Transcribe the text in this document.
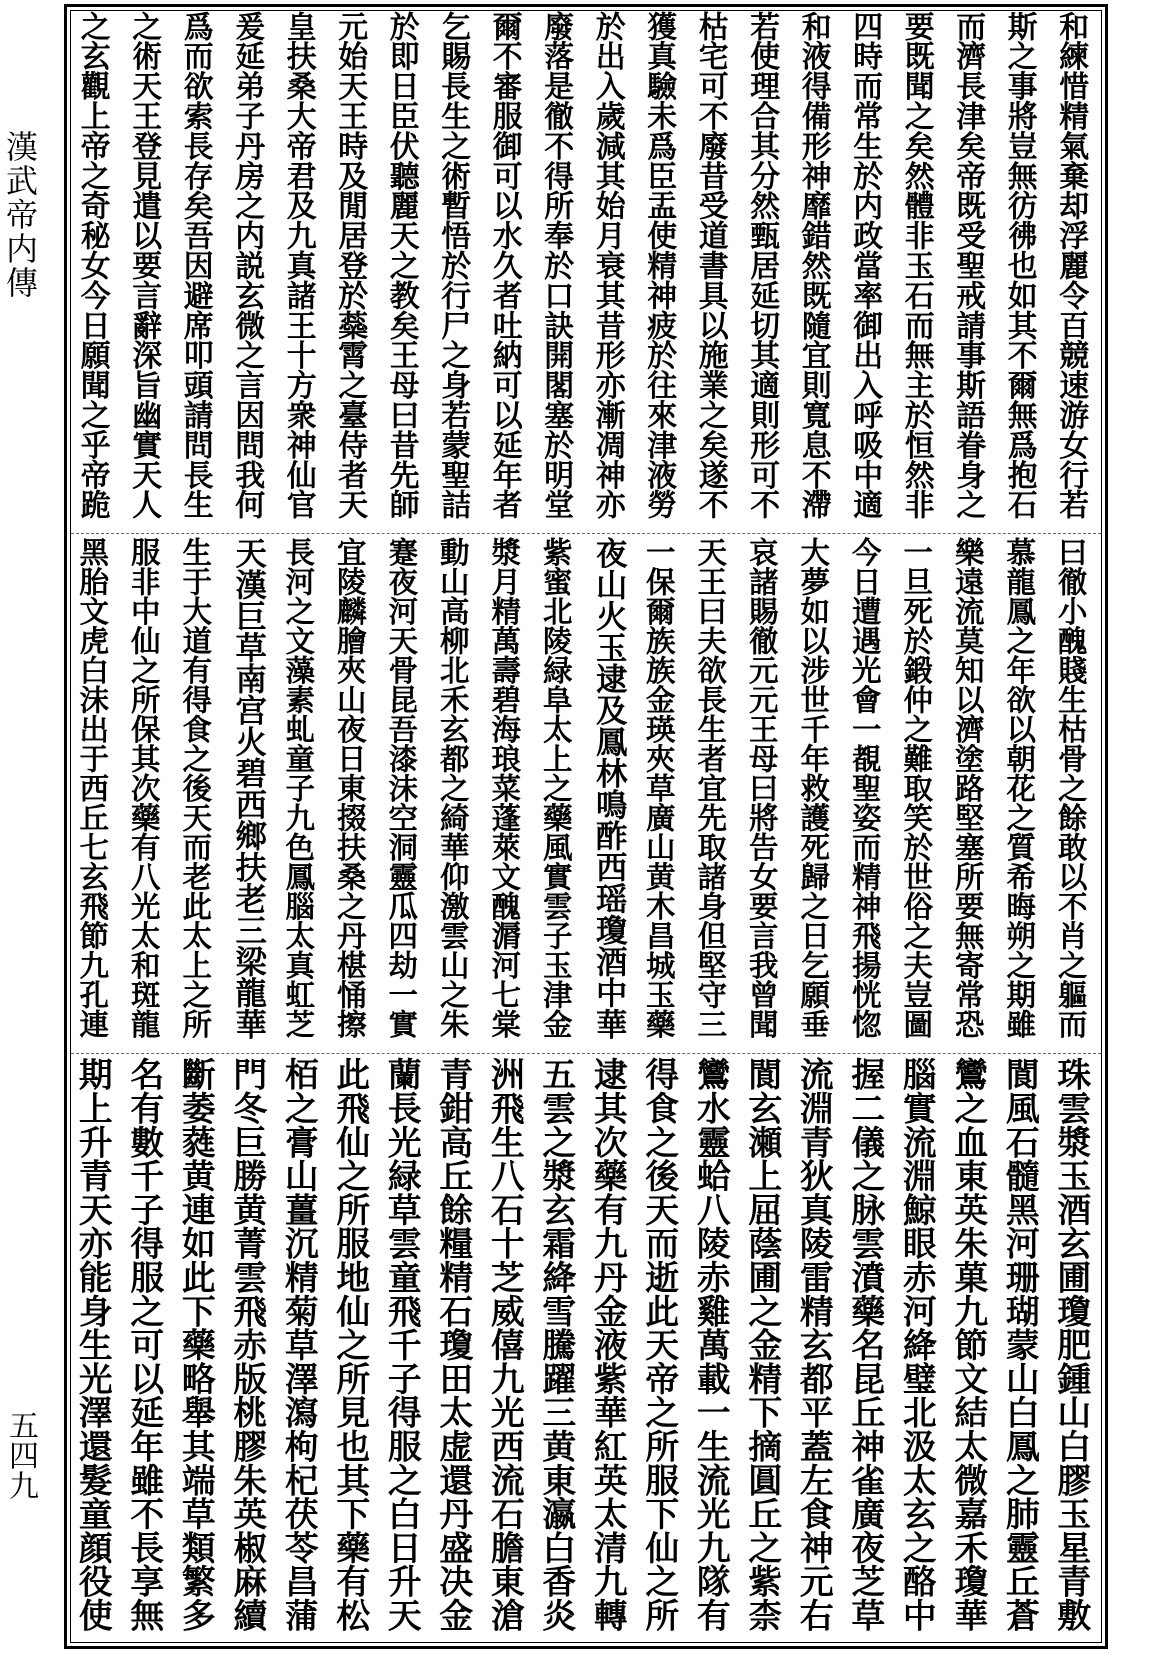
漢武帝内傳
五四九
和練惜精氣棄却浮麗令百競速游女行若
斯之事將豈無彷彿也如其不爾無爲抱石
而濟長津矣帝既受聖戒請事斯語眷身之
要既聞之矣然體非玉石而無主於恒然非
四時而常生於内政當率御出入呼吸中適
和液得備形神靡錯然既隨宜則寬息不滯
若使理合其分然甄居延切其適則形可不
枯宅可不廢昔受道書具以施業之矣遂不
獲真驗未爲臣盂使精神疲於往來津液勞
於出入歲減其始月衰其昔形亦漸凋神亦
廢落是徹不得所奉於口訣開閣塞於明堂
爾不審服御可以水久者吐納可以延年者
乞賜長生之術暫悟於行尸之身若蒙聖詰
於即日臣伏聽麗天之教矣王母曰昔先師
元始天王時及閒居登於蘂霄之臺侍者天
皇扶桑大帝君及九真諸王十方衆神仙官
爰延弟子丹房之内説玄微之言因問我何
爲而欲索長存矣吾因避席叩頭請問長生
之術天王登見遣以要言辭深旨幽實天人
之玄觀上帝之奇秘女今日願聞之乎帝跪
曰徹小醜賤生枯骨之餘敢以不肖之軀而
慕龍鳳之年欲以朝花之質希晦朔之期雖
樂遠流莫知以濟塗路堅塞所要無寄常恐
一旦死於鍛仲之難取笑於世俗之夫豈圖
今日遭遇光會一覩聖姿而精神飛揚恍惚
大夢如以涉世千年救護死歸之日乞願垂
哀諸賜徹元元王母曰將告女要言我曾聞
天王曰夫欲長生者宜先取諸身但堅守三
一保爾族族金瑛夾草廣山黄木昌城玉藥
夜山火玉逮及鳳林鳴酢西瑶瓊酒中華
紫蜜北陵緑阜太上之藥風實雲子玉津金
漿月精萬壽碧海琅菜蓬萊文醜漘河七棠
動山高柳北禾玄都之綺華仰激雲山之朱
蹇夜河天骨昆吾漆沫空洞靈瓜四劫一實
宜陵麟膾夾山夜日東掇扶桑之丹椹悀擦
長河之文藻素虬童子九色鳳腦太真虹芝
天漢巨草南宫火碧西鄉扶老三梁龍華
生于大道有得食之後天而老此太上之所
服非中仙之所保其次藥有八光太和斑龍
黑胎文虎白沫出于西丘七玄飛節九孔連
珠雲漿玉酒玄圃瓊肥鍾山白膠玉星青敷
閬風石髓黑河珊瑚蒙山白鳳之肺靈丘蒼
鸞之血東英朱菓九節文結太微嘉禾瓊華
腦實流淵鯨眼赤河絳璧北汲太玄之酪中
握二儀之脉雲濆藥名昆丘神雀廣夜芝草
流淵青狄真陵雷精玄都平蓋左食神元右
閬玄瀬上屈蔭圃之金精下摘圓丘之紫柰
鸞水靈蛤八陵赤雞萬載一生流光九隊有
得食之後天而逝此天帝之所服下仙之所
逮其次藥有九丹金液紫華紅英太清九轉
五雲之漿玄霜絳雪騰躍三黄東瀛白香炎
洲飛生八石十芝威僖九光西流石膽東滄
青鉗高丘餘糧精石瓊田太虚還丹盛决金
蘭長光緑草雲童飛千子得服之白日升天
此飛仙之所服地仙之所見也其下藥有松
栢之膏山薑沉精菊草澤瀉枸杞茯苓昌蒲
門冬巨勝黄菁雲飛赤版桃膠朱英椒麻續
斷萎蕤黄連如此下藥略舉其端草類繁多
名有數千子得服之可以延年雖不長享無
期上升青天亦能身生光澤還髮童顔役使
